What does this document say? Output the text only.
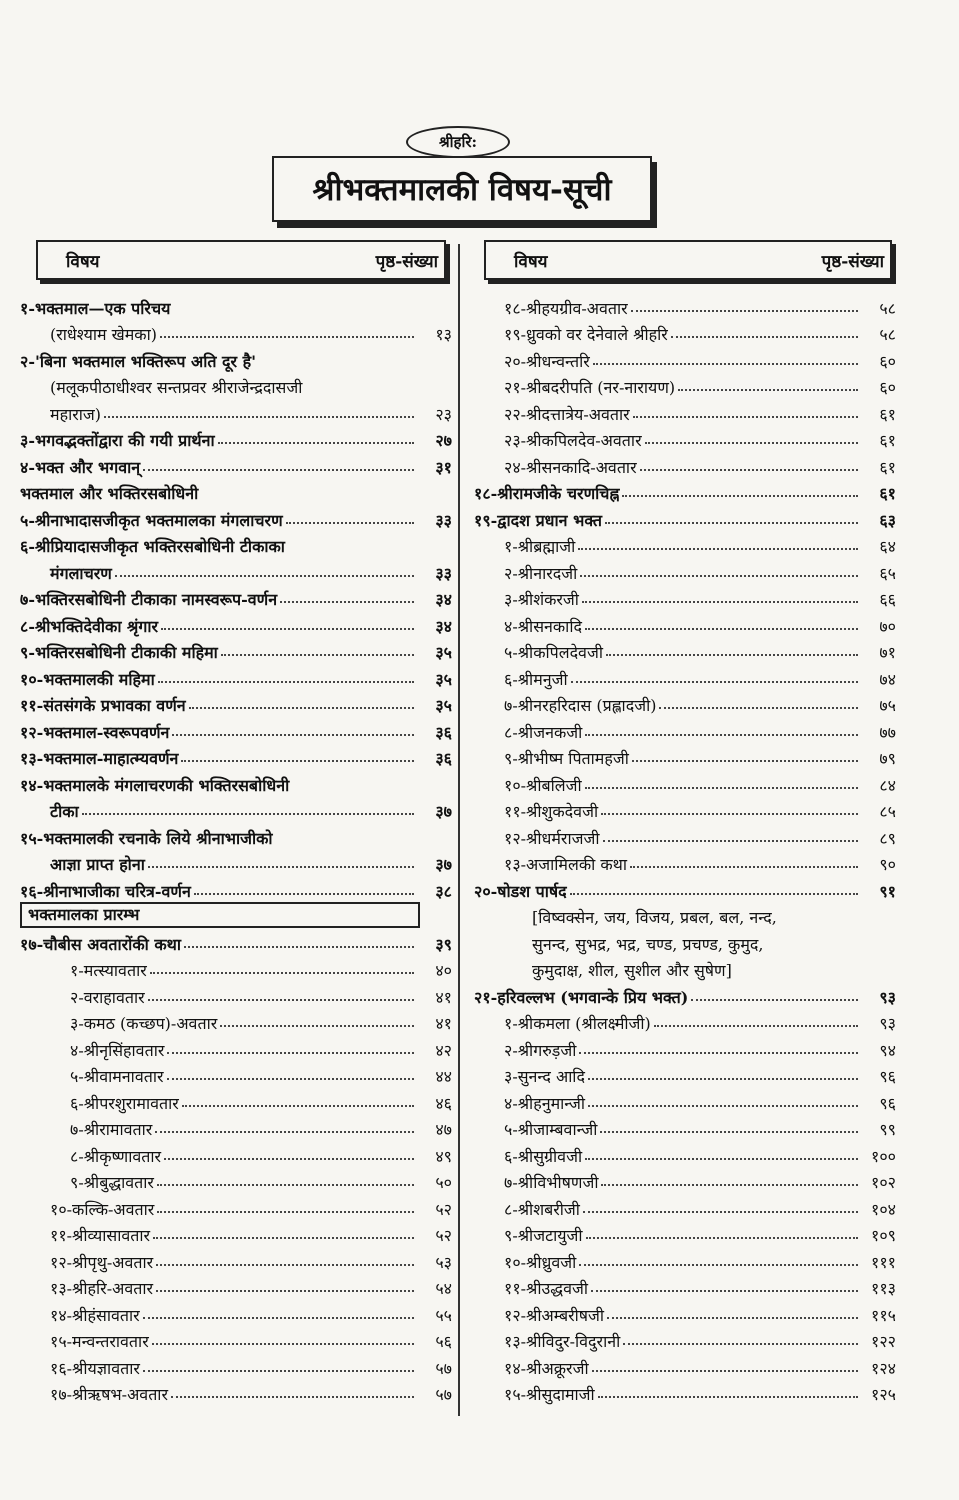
श्रीहरि:
श्रीभक्तमालकी विषय-सूची
विषय	पृष्ठ-संख्या
१-भक्तमाल—एक परिचय
(राधेश्याम खेमका)	१३
२-'बिना भक्तमाल भक्तिरूप अति दूर है'
(मलूकपीठाधीश्वर सन्तप्रवर श्रीराजेन्द्रदासजी
महाराज)	२३
३-भगवद्भक्तोंद्वारा की गयी प्रार्थना	२७
४-भक्त और भगवान्	३१
भक्तमाल और भक्तिरसबोधिनी
५-श्रीनाभादासजीकृत भक्तमालका मंगलाचरण	३३
६-श्रीप्रियादासजीकृत भक्तिरसबोधिनी टीकाका
मंगलाचरण	३३
७-भक्तिरसबोधिनी टीकाका नामस्वरूप-वर्णन	३४
८-श्रीभक्तिदेवीका श्रृंगार	३४
९-भक्तिरसबोधिनी टीकाकी महिमा	३५
१०-भक्तमालकी महिमा	३५
११-संतसंगके प्रभावका वर्णन	३५
१२-भक्तमाल-स्वरूपवर्णन	३६
१३-भक्तमाल-माहात्म्यवर्णन	३६
१४-भक्तमालके मंगलाचरणकी भक्तिरसबोधिनी
टीका	३७
१५-भक्तमालकी रचनाके लिये श्रीनाभाजीको
आज्ञा प्राप्त होना	३७
१६-श्रीनाभाजीका चरित्र-वर्णन	३८
भक्तमालका प्रारम्भ
१७-चौबीस अवतारोंकी कथा	३९
१-मत्स्यावतार	४०
२-वराहावतार	४१
३-कमठ (कच्छप)-अवतार	४१
४-श्रीनृसिंहावतार	४२
५-श्रीवामनावतार	४४
६-श्रीपरशुरामावतार	४६
७-श्रीरामावतार	४७
८-श्रीकृष्णावतार	४९
९-श्रीबुद्धावतार	५०
१०-कल्कि-अवतार	५२
११-श्रीव्यासावतार	५२
१२-श्रीपृथु-अवतार	५३
१३-श्रीहरि-अवतार	५४
१४-श्रीहंसावतार	५५
१५-मन्वन्तरावतार	५६
१६-श्रीयज्ञावतार	५७
१७-श्रीऋषभ-अवतार	५७
विषय	पृष्ठ-संख्या
१८-श्रीहयग्रीव-अवतार	५८
१९-ध्रुवको वर देनेवाले श्रीहरि	५८
२०-श्रीधन्वन्तरि	६०
२१-श्रीबदरीपति (नर-नारायण)	६०
२२-श्रीदत्तात्रेय-अवतार	६१
२३-श्रीकपिलदेव-अवतार	६१
२४-श्रीसनकादि-अवतार	६१
१८-श्रीरामजीके चरणचिह्न	६१
१९-द्वादश प्रधान भक्त	६३
१-श्रीब्रह्माजी	६४
२-श्रीनारदजी	६५
३-श्रीशंकरजी	६६
४-श्रीसनकादि	७०
५-श्रीकपिलदेवजी	७१
६-श्रीमनुजी	७४
७-श्रीनरहरिदास (प्रह्लादजी)	७५
८-श्रीजनकजी	७७
९-श्रीभीष्म पितामहजी	७९
१०-श्रीबलिजी	८४
११-श्रीशुकदेवजी	८५
१२-श्रीधर्मराजजी	८९
१३-अजामिलकी कथा	९०
२०-षोडश पार्षद	९१
[विष्वक्सेन, जय, विजय, प्रबल, बल, नन्द,
सुनन्द, सुभद्र, भद्र, चण्ड, प्रचण्ड, कुमुद,
कुमुदाक्ष, शील, सुशील और सुषेण]
२१-हरिवल्लभ (भगवान्के प्रिय भक्त)	९३
१-श्रीकमला (श्रीलक्ष्मीजी)	९३
२-श्रीगरुड़जी	९४
३-सुनन्द आदि	९६
४-श्रीहनुमान्जी	९६
५-श्रीजाम्बवान्जी	९९
६-श्रीसुग्रीवजी	१००
७-श्रीविभीषणजी	१०२
८-श्रीशबरीजी	१०४
९-श्रीजटायुजी	१०९
१०-श्रीध्रुवजी	१११
११-श्रीउद्धवजी	११३
१२-श्रीअम्बरीषजी	११५
१३-श्रीविदुर-विदुरानी	१२२
१४-श्रीअक्रूरजी	१२४
१५-श्रीसुदामाजी	१२५
